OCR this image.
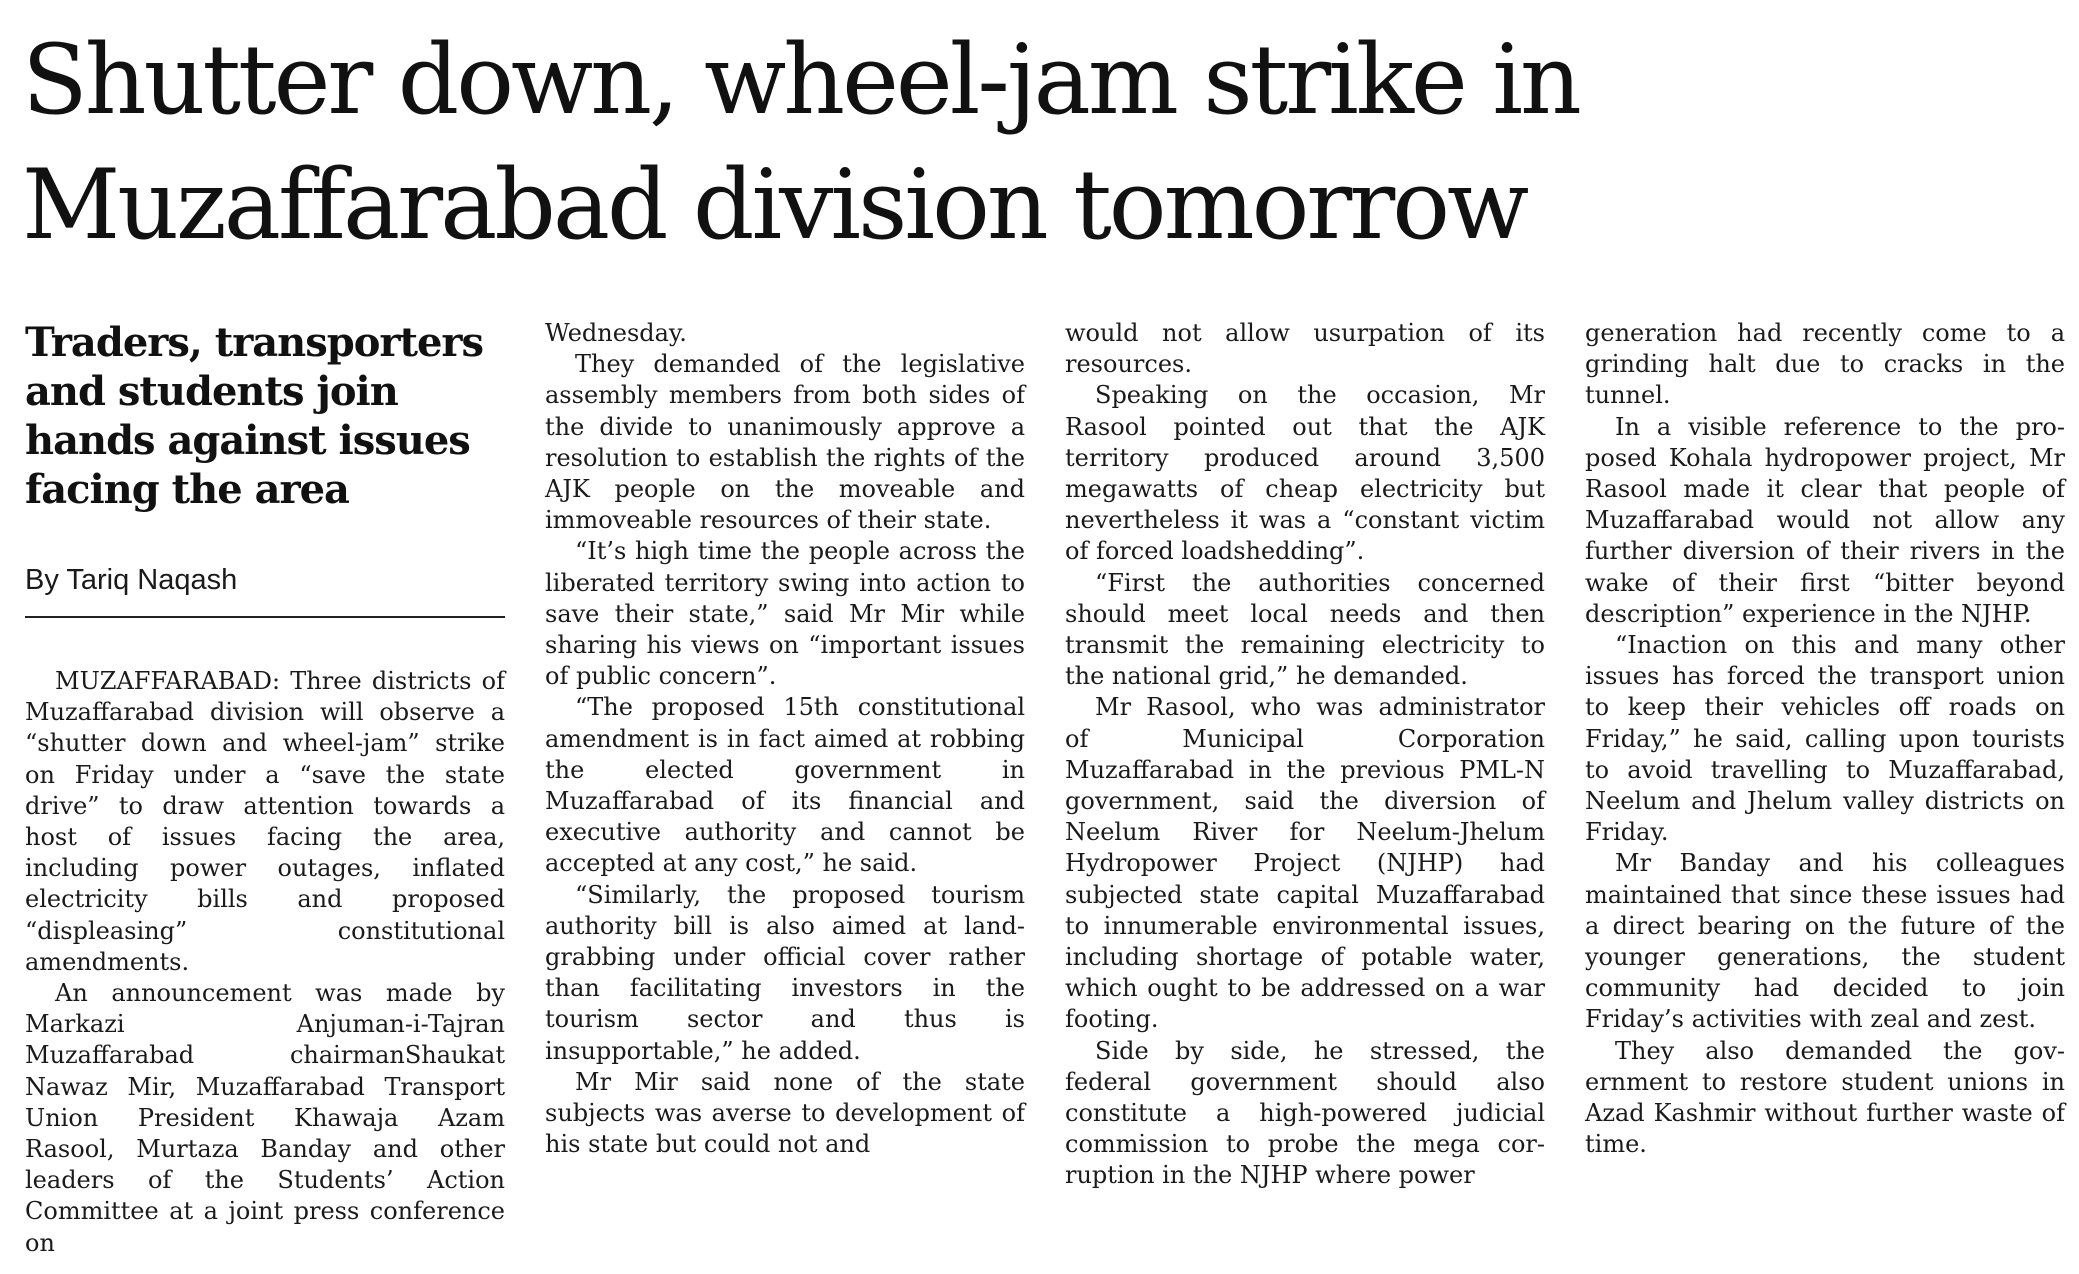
Shutter down, wheel-jam strike in
Muzaffarabad division tomorrow
Traders, transporters and students join hands against issues facing the area
By Tariq Naqash

MUZAFFARABAD: Three districts of Muzaffarabad division will observe a “shutter down and wheel-jam” strike on Friday under a “save the state drive” to draw attention towards a host of issues facing the area, including power outages, inflated electricity bills and proposed “displeasing” constitutional amendments.

An announcement was made by Markazi Anjuman-i-Tajran Muzaffarabad chairmanShaukat Nawaz Mir, Muzaffarabad Transport Union President Khawaja Azam Rasool, Murtaza Banday and other leaders of the Students’ Action Committee at a joint press conference on

Wednesday.

They demanded of the legislative assembly members from both sides of the divide to unanimously approve a resolution to establish the rights of the AJK people on the moveable and immoveable resources of their state.

“It’s high time the people across the liberated territory swing into action to save their state,” said Mr Mir while sharing his views on “important issues of public concern”.

“The proposed 15th constitutional amendment is in fact aimed at robbing the elected government in Muzaffarabad of its financial and executive authority and cannot be accepted at any cost,” he said.

“Similarly, the proposed tourism authority bill is also aimed at land-grabbing under official cover rather than facilitating investors in the tourism sector and thus is insupportable,” he added.

Mr Mir said none of the state subjects was averse to development of his state but could not and

would not allow usurpation of its resources.

Speaking on the occasion, Mr Rasool pointed out that the AJK territory produced around 3,500 megawatts of cheap electricity but nevertheless it was a “constant victim of forced loadshedding”.

“First the authorities concerned should meet local needs and then transmit the remaining electricity to the national grid,” he demanded.

Mr Rasool, who was administrator of Municipal Corporation Muzaffarabad in the previous PML-N government, said the diversion of Neelum River for Neelum-Jhelum Hydropower Project (NJHP) had subjected state capital Muzaffarabad to innumerable environmental issues, including shortage of potable water, which ought to be addressed on a war footing.

Side by side, he stressed, the federal government should also constitute a high-powered judicial commission to probe the mega corruption in the NJHP where power

generation had recently come to a grinding halt due to cracks in the tunnel.

In a visible reference to the proposed Kohala hydropower project, Mr Rasool made it clear that people of Muzaffarabad would not allow any further diversion of their rivers in the wake of their first “bitter beyond description” experience in the NJHP.

“Inaction on this and many other issues has forced the transport union to keep their vehicles off roads on Friday,” he said, calling upon tourists to avoid travelling to Muzaffarabad, Neelum and Jhelum valley districts on Friday.

Mr Banday and his colleagues maintained that since these issues had a direct bearing on the future of the younger generations, the student community had decided to join Friday’s activities with zeal and zest.

They also demanded the government to restore student unions in Azad Kashmir without further waste of time.
